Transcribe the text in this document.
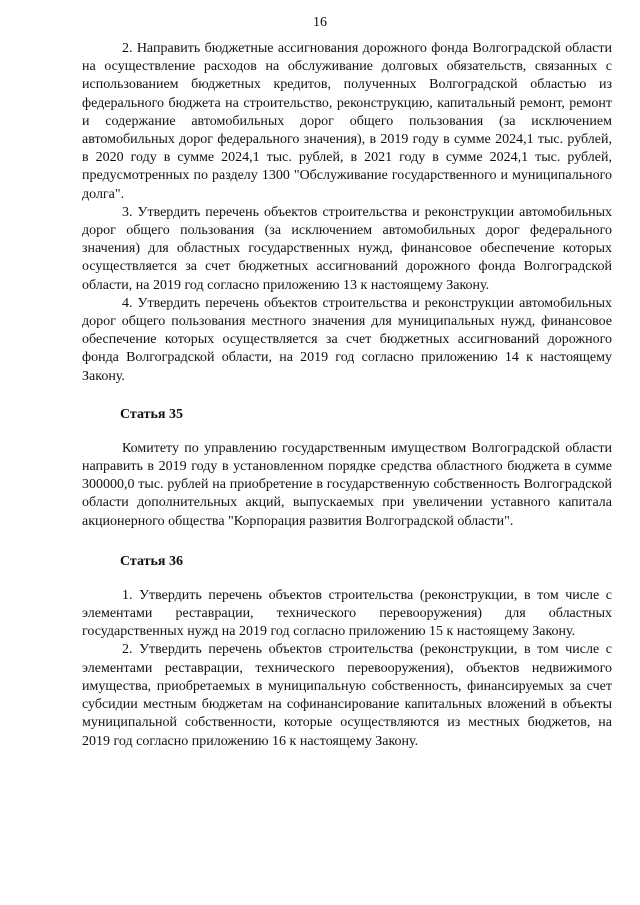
16

2. Направить бюджетные ассигнования дорожного фонда Волгоградской области на осуществление расходов на обслуживание долговых обязательств, связанных с использованием бюджетных кредитов, полученных Волгоградской областью из федерального бюджета на строительство, реконструкцию, капитальный ремонт, ремонт и содержание автомобильных дорог общего пользования (за исключением автомобильных дорог федерального значения), в 2019 году в сумме 2024,1 тыс. рублей, в 2020 году в сумме 2024,1 тыс. рублей, в 2021 году в сумме 2024,1 тыс. рублей, предусмотренных по разделу 1300 "Обслуживание государственного и муниципального долга".

3. Утвердить перечень объектов строительства и реконструкции автомобильных дорог общего пользования (за исключением автомобильных дорог федерального значения) для областных государственных нужд, финансовое обеспечение которых осуществляется за счет бюджетных ассигнований дорожного фонда Волгоградской области, на 2019 год согласно приложению 13 к настоящему Закону.

4. Утвердить перечень объектов строительства и реконструкции автомобильных дорог общего пользования местного значения для муниципальных нужд, финансовое обеспечение которых осуществляется за счет бюджетных ассигнований дорожного фонда Волгоградской области, на 2019 год согласно приложению 14 к настоящему Закону.

Статья 35

Комитету по управлению государственным имуществом Волгоградской области направить в 2019 году в установленном порядке средства областного бюджета в сумме 300000,0 тыс. рублей на приобретение в государственную собственность Волгоградской области дополнительных акций, выпускаемых при увеличении уставного капитала акционерного общества "Корпорация развития Волгоградской области".

Статья 36

1. Утвердить перечень объектов строительства (реконструкции, в том числе с элементами реставрации, технического перевооружения) для областных государственных нужд на 2019 год согласно приложению 15 к настоящему Закону.

2. Утвердить перечень объектов строительства (реконструкции, в том числе с элементами реставрации, технического перевооружения), объектов недвижимого имущества, приобретаемых в муниципальную собственность, финансируемых за счет субсидии местным бюджетам на софинансирование капитальных вложений в объекты муниципальной собственности, которые осуществляются из местных бюджетов, на 2019 год согласно приложению 16 к настоящему Закону.
